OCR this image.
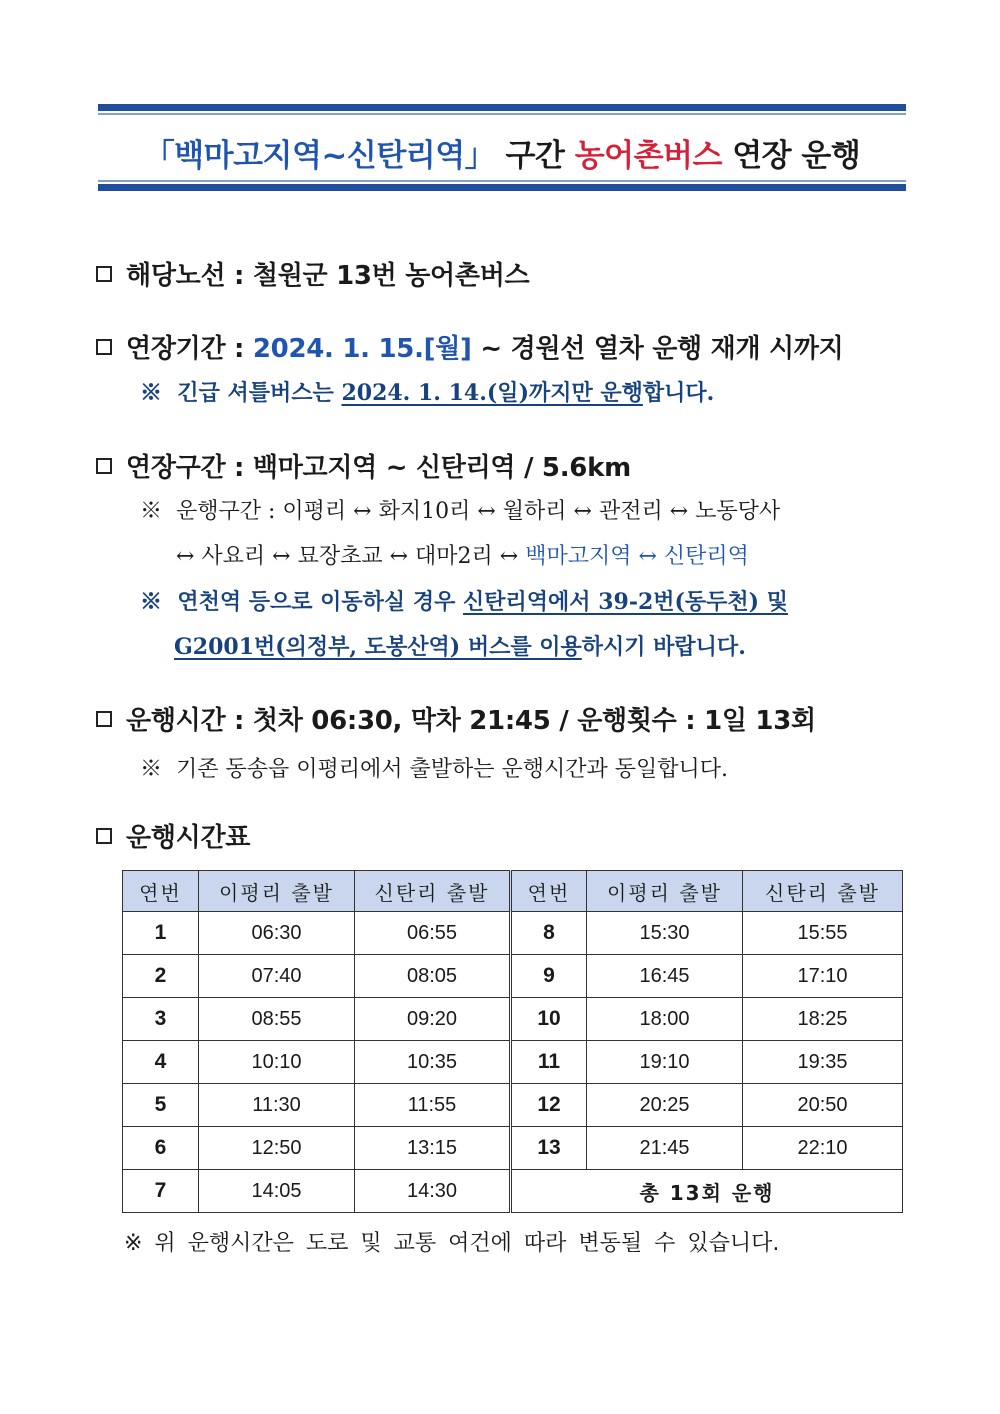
「백마고지역~신탄리역」 구간 농어촌버스 연장 운행
해당노선 : 철원군 13번 농어촌버스
연장기간 : 2024. 1. 15.[월] ~ 경원선 열차 운행 재개 시까지
※ 긴급 셔틀버스는 2024. 1. 14.(일)까지만 운행합니다.
연장구간 : 백마고지역 ~ 신탄리역 / 5.6km
※ 운행구간 : 이평리 ↔ 화지10리 ↔ 월하리 ↔ 관전리 ↔ 노동당사
↔ 사요리 ↔ 묘장초교 ↔ 대마2리 ↔ 백마고지역 ↔ 신탄리역
※ 연천역 등으로 이동하실 경우 신탄리역에서 39-2번(동두천) 및
G2001번(의정부, 도봉산역) 버스를 이용하시기 바랍니다.
운행시간 : 첫차 06:30, 막차 21:45 / 운행횟수 : 1일 13회
※ 기존 동송읍 이평리에서 출발하는 운행시간과 동일합니다.
운행시간표
연번	이평리 출발	신탄리 출발	연번	이평리 출발	신탄리 출발
1	06:30	06:55	8	15:30	15:55
2	07:40	08:05	9	16:45	17:10
3	08:55	09:20	10	18:00	18:25
4	10:10	10:35	11	19:10	19:35
5	11:30	11:55	12	20:25	20:50
6	12:50	13:15	13	21:45	22:10
7	14:05	14:30	총 13회 운행		
※ 위 운행시간은 도로 및 교통 여건에 따라 변동될 수 있습니다.
